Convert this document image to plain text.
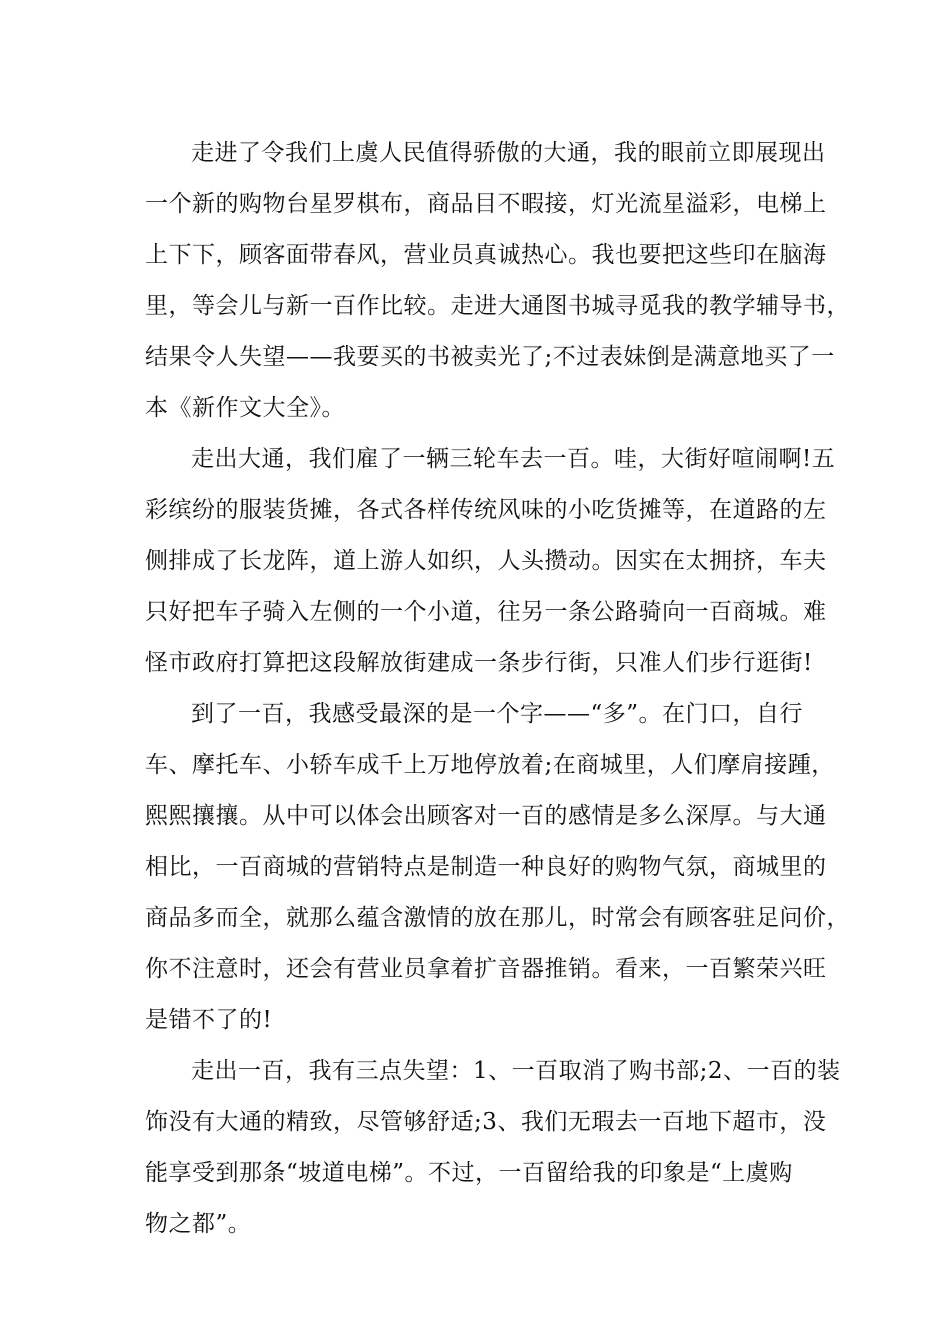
走进了令我们上虞人民值得骄傲的大通，我的眼前立即展现出
一个新的购物台星罗棋布，商品目不暇接，灯光流星溢彩，电梯上
上下下，顾客面带春风，营业员真诚热心。我也要把这些印在脑海
里，等会儿与新一百作比较。走进大通图书城寻觅我的教学辅导书，
结果令人失望——我要买的书被卖光了;不过表妹倒是满意地买了一
本《新作文大全》。
走出大通，我们雇了一辆三轮车去一百。哇，大街好喧闹啊!五
彩缤纷的服装货摊，各式各样传统风味的小吃货摊等，在道路的左
侧排成了长龙阵，道上游人如织，人头攒动。因实在太拥挤，车夫
只好把车子骑入左侧的一个小道，往另一条公路骑向一百商城。难
怪市政府打算把这段解放街建成一条步行街，只准人们步行逛街!
到了一百，我感受最深的是一个字——“多”。在门口，自行
车、摩托车、小轿车成千上万地停放着;在商城里，人们摩肩接踵，
熙熙攘攘。从中可以体会出顾客对一百的感情是多么深厚。与大通
相比，一百商城的营销特点是制造一种良好的购物气氛，商城里的
商品多而全，就那么蕴含激情的放在那儿，时常会有顾客驻足问价，
你不注意时，还会有营业员拿着扩音器推销。看来，一百繁荣兴旺
是错不了的!
走出一百，我有三点失望：1、一百取消了购书部;2、一百的装
饰没有大通的精致，尽管够舒适;3、我们无瑕去一百地下超市，没
能享受到那条“坡道电梯”。不过，一百留给我的印象是“上虞购
物之都”。
